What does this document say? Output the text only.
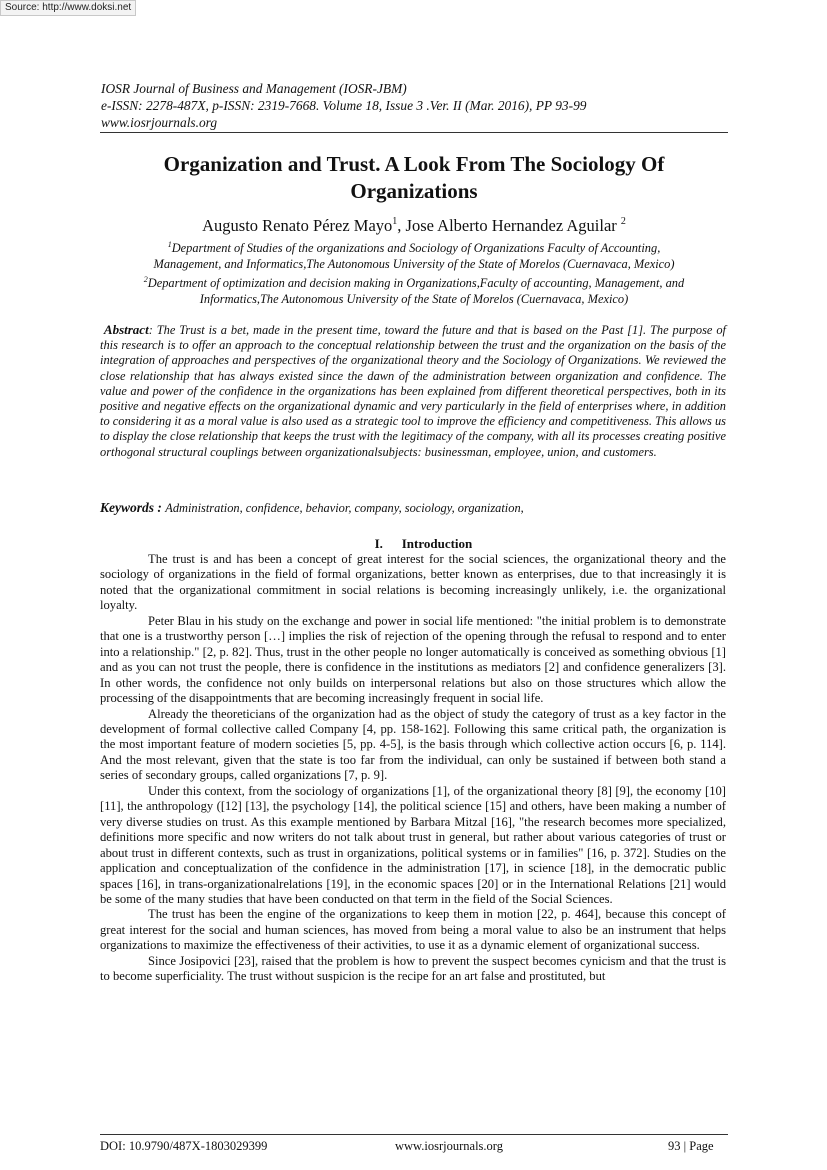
Source: http://www.doksi.net
IOSR Journal of Business and Management (IOSR-JBM)
e-ISSN: 2278-487X, p-ISSN: 2319-7668. Volume 18, Issue 3 .Ver. II (Mar. 2016), PP 93-99
www.iosrjournals.org
Organization and Trust. A Look From The Sociology Of
Organizations
Augusto Renato Pérez Mayo$^1$, Jose Alberto Hernandez Aguilar $^2$
$^1$Department of Studies of the organizations and Sociology of Organizations Faculty of Accounting,
Management, and Informatics,The Autonomous University of the State of Morelos (Cuernavaca, Mexico)
$^2$Department of optimization and decision making in Organizations,Faculty of accounting, Management, and
Informatics,The Autonomous University of the State of Morelos (Cuernavaca, Mexico)
Abstract: The Trust is a bet, made in the present time, toward the future and that is based on the Past [1]. The purpose of this research is to offer an approach to the conceptual relationship between the trust and the organization on the basis of the integration of approaches and perspectives of the organizational theory and the Sociology of Organizations. We reviewed the close relationship that has always existed since the dawn of the administration between organization and confidence. The value and power of the confidence in the organizations has been explained from different theoretical perspectives, both in its positive and negative effects on the organizational dynamic and very particularly in the field of enterprises where, in addition to considering it as a moral value is also used as a strategic tool to improve the efficiency and competitiveness. This allows us to display the close relationship that keeps the trust with the legitimacy of the company, with all its processes creating positive orthogonal structural couplings between organizationalsubjects: businessman, employee, union, and customers.
Keywords : Administration, confidence, behavior, company, sociology, organization,
I. Introduction

The trust is and has been a concept of great interest for the social sciences, the organizational theory and the sociology of organizations in the field of formal organizations, better known as enterprises, due to that increasingly it is noted that the organizational commitment in social relations is becoming increasingly unlikely, i.e. the organizational loyalty.

Peter Blau in his study on the exchange and power in social life mentioned: "the initial problem is to demonstrate that one is a trustworthy person […] implies the risk of rejection of the opening through the refusal to respond and to enter into a relationship." [2, p. 82]. Thus, trust in the other people no longer automatically is conceived as something obvious [1] and as you can not trust the people, there is confidence in the institutions as mediators [2] and confidence generalizers [3]. In other words, the confidence not only builds on interpersonal relations but also on those structures which allow the processing of the disappointments that are becoming increasingly frequent in social life.

Already the theoreticians of the organization had as the object of study the category of trust as a key factor in the development of formal collective called Company [4, pp. 158-162]. Following this same critical path, the organization is the most important feature of modern societies [5, pp. 4-5], is the basis through which collective action occurs [6, p. 114]. And the most relevant, given that the state is too far from the individual, can only be sustained if between both stand a series of secondary groups, called organizations [7, p. 9].

Under this context, from the sociology of organizations [1], of the organizational theory [8] [9], the economy [10] [11], the anthropology ([12] [13], the psychology [14], the political science [15] and others, have been making a number of very diverse studies on trust. As this example mentioned by Barbara Mitzal [16], "the research becomes more specialized, definitions more specific and now writers do not talk about trust in general, but rather about various categories of trust or about trust in different contexts, such as trust in organizations, political systems or in families" [16, p. 372]. Studies on the application and conceptualization of the confidence in the administration [17], in science [18], in the democratic public spaces [16], in trans-organizationalrelations [19], in the economic spaces [20] or in the International Relations [21] would be some of the many studies that have been conducted on that term in the field of the Social Sciences.

The trust has been the engine of the organizations to keep them in motion [22, p. 464], because this concept of great interest for the social and human sciences, has moved from being a moral value to also be an instrument that helps organizations to maximize the effectiveness of their activities, to use it as a dynamic element of organizational success.

Since Josipovici [23], raised that the problem is how to prevent the suspect becomes cynicism and that the trust is to become superficiality. The trust without suspicion is the recipe for an art false and prostituted, but

DOI: 10.9790/487X-1803029399	www.iosrjournals.org	93 | Page
